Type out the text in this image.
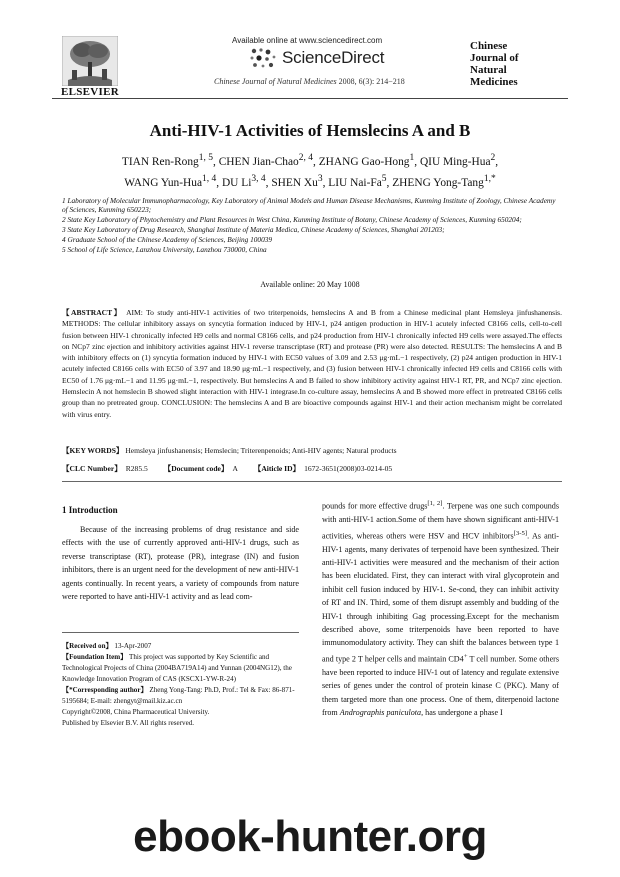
ELSEVIER
Available online at www.sciencedirect.com
ScienceDirect
Chinese Journal of Natural Medicines 2008, 6(3): 214−218
Chinese
Journal of
Natural
Medicines
Anti-HIV-1 Activities of Hemslecins A and B
TIAN Ren-Rong$^{1, 5}$, CHEN Jian-Chao$^{2, 4}$, ZHANG Gao-Hong$^1$, QIU Ming-Hua$^2$,
WANG Yun-Hua$^{1, 4}$, DU Li$^{3, 4}$, SHEN Xu$^3$, LIU Nai-Fa$^5$, ZHENG Yong-Tang$^{1,*}$

1 Laboratory of Molecular Immunopharmacology, Key Laboratory of Animal Models and Human Disease Mechanisms, Kunming Institute of Zoology, Chinese Academy of Sciences, Kunming 650223;

2 State Key Laboratory of Phytochemistry and Plant Resources in West China, Kunming Institute of Botany, Chinese Academy of Sciences, Kunming 650204;

3 State Key Laboratory of Drug Research, Shanghai Institute of Materia Medica, Chinese Academy of Sciences, Shanghai 201203;

4 Graduate School of the Chinese Academy of Sciences, Beijing 100039

5 School of Life Science, Lanzhou University, Lanzhou 730000, China

Available online: 20 May 1008
【ABSTRACT】 AIM: To study anti-HIV-1 activities of two triterpenoids, hemslecins A and B from a Chinese medicinal plant Hemsleya jinfushanensis. METHODS: The cellular inhibitory assays on syncytia formation induced by HIV-1, p24 antigen production in HIV-1 acutely infected C8166 cells, cell-to-cell fusion between HIV-1 chronically infected H9 cells and normal C8166 cells, and p24 production from HIV-1 chronically infected H9 cells were assayed.The effects on NCp7 zinc ejection and inhibitory activities against HIV-1 reverse transcriptase (RT) and protease (PR) were also detected. RESULTS: The hemslecins A and B with inhibitory effects on (1) syncytia formation induced by HIV-1 with EC50 values of 3.09 and 2.53 μg·mL−1 respectively, (2) p24 antigen production in HIV-1 acutely infected C8166 cells with EC50 of 3.97 and 18.90 μg·mL−1 respectively, and (3) fusion between HIV-1 chronically infected H9 cells and C8166 cells with EC50 of 1.76 μg·mL−1 and 11.95 μg·mL−1, respectively. But hemslecins A and B failed to show inhibitory activity against HIV-1 RT, PR, and NCp7 zinc ejection. Hemslecin A not hemslecin B showed slight interaction with HIV-1 integrase.In co-culture assay, hemslecins A and B showed more effect in pretreated C8166 cells group than no pretreated group. CONCLUSION: The hemslecins A and B are bioactive compounds against HIV-1 and their action mechanism might be correlated with virus entry.
【KEY WORDS】 Hemsleya jinfushanensis; Hemslecin; Triterenpenoids; Anti-HIV agents; Natural products
【CLC Number】 R285.5 【Document code】 A 【Aiticle ID】 1672-3651(2008)03-0214-05
1 Introduction
Because of the increasing problems of drug resistance and side effects with the use of currently approved anti-HIV-1 drugs, such as reverse transcriptase (RT), protease (PR), integrase (IN) and fusion inhibitors, there is an urgent need for the development of new anti-HIV-1 agents continually. In recent years, a variety of compounds from nature were reported to have anti-HIV-1 activity and as lead com-

【Received on】 13-Apr-2007

【Foundation Item】 This project was supported by Key Scientific and Technological Projects of China (2004BA719A14) and Yunnan (2004NG12), the Knowledge Innovation Program of CAS (KSCX1-YW-R-24)

【*Corresponding author】 Zheng Yong-Tang: Ph.D, Prof.: Tel & Fax: 86-871-5195684; E-mail: zhengyt@mail.kiz.ac.cn

Copyright©2008, China Pharmaceutical University.

Published by Elsevier B.V. All rights reserved.

pounds for more effective drugs[1, 2]. Terpene was one such compounds with anti-HIV-1 action.Some of them have shown significant anti-HIV-1 activities, whereas others were HSV and HCV inhibitors[3-5]. As anti-HIV-1 agents, many derivates of terpenoid have been synthesized. Their anti-HIV-1 activities were measured and the mechanism of their action has been elucidated. First, they can interact with viral glycoprotein and inhibit cell fusion induced by HIV-1. Se-cond, they can inhibit activity of RT and IN. Third, some of them disrupt assembly and budding of the HIV-1 through inhibiting Gag processing.Except for the mechanism described above, some triterpenoids have been reported to have immunomodulatory activity. They can shift the balances between type 1 and type 2 T helper cells and maintain CD4+ T cell number. Some others have been reported to induce HIV-1 out of latency and regulate extensive series of genes under the control of protein kinase C (PKC). Many of them targeted more than one process. One of them, diterpenoid lactone from Andrographis paniculota, has undergone a phase I
ebook-hunter.org
